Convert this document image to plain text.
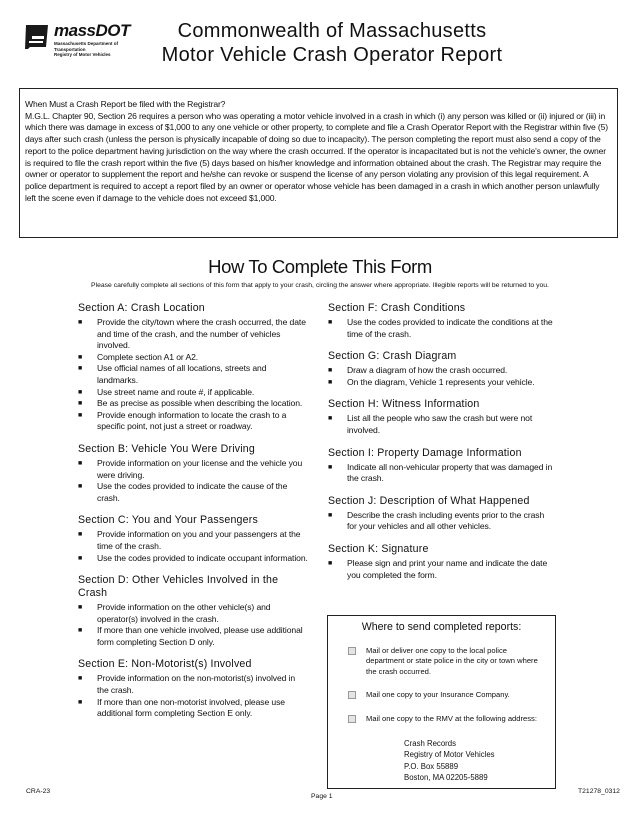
massDOT
Massachusetts Department of Transportation
Registry of Motor Vehicles
Commonwealth of Massachusetts
Motor Vehicle Crash Operator Report
When Must a Crash Report be filed with the Registrar?
M.G.L. Chapter 90, Section 26 requires a person who was operating a motor vehicle involved in a crash in which (i) any person was killed or (ii) injured or (iii) in which there was damage in excess of $1,000 to any one vehicle or other property, to complete and file a Crash Operator Report with the Registrar within five (5) days after such crash (unless the person is physically incapable of doing so due to incapacity). The person completing the report must also send a copy of the report to the police department having jurisdiction on the way where the crash occurred. If the operator is incapacitated but is not the vehicle's owner, the owner is required to file the crash report within the five (5) days based on his/her knowledge and information obtained about the crash. The Registrar may require the owner or operator to supplement the report and he/she can revoke or suspend the license of any person violating any provision of this legal requirement. A police department is required to accept a report filed by an owner or operator whose vehicle has been damaged in a crash in which another person unlawfully left the scene even if damage to the vehicle does not exceed $1,000.
How To Complete This Form
Please carefully complete all sections of this form that apply to your crash, circling the answer where appropriate. Illegible reports will be returned to you.
Section A: Crash Location
■ Provide the city/town where the crash occurred, the date and time of the crash, and the number of vehicles involved.
■ Complete section A1 or A2.
■ Use official names of all locations, streets and landmarks.
■ Use street name and route #, if applicable.
■ Be as precise as possible when describing the location.
■ Provide enough information to locate the crash to a specific point, not just a street or roadway.
Section B: Vehicle You Were Driving
■ Provide information on your license and the vehicle you were driving.
■ Use the codes provided to indicate the cause of the crash.
Section C: You and Your Passengers
■ Provide information on you and your passengers at the time of the crash.
■ Use the codes provided to indicate occupant information.
Section D: Other Vehicles Involved in the Crash
■ Provide information on the other vehicle(s) and operator(s) involved in the crash.
■ If more than one vehicle involved, please use additional form completing Section D only.
Section E: Non-Motorist(s) Involved
■ Provide information on the non-motorist(s) involved in the crash.
■ If more than one non-motorist involved, please use additional form completing Section E only.
Section F: Crash Conditions
■ Use the codes provided to indicate the conditions at the time of the crash.
Section G: Crash Diagram
■ Draw a diagram of how the crash occurred.
■ On the diagram, Vehicle 1 represents your vehicle.
Section H: Witness Information
■ List all the people who saw the crash but were not involved.
Section I: Property Damage Information
■ Indicate all non-vehicular property that was damaged in the crash.
Section J: Description of What Happened
■ Describe the crash including events prior to the crash for your vehicles and all other vehicles.
Section K: Signature
■ Please sign and print your name and indicate the date you completed the form.
Where to send completed reports:
Mail or deliver one copy to the local police department or state police in the city or town where the crash occurred.
Mail one copy to your Insurance Company.
Mail one copy to the RMV at the following address:
Crash Records
Registry of Motor Vehicles
P.O. Box 55889
Boston, MA 02205-5889
CRA-23
Page 1
T21278_0312
